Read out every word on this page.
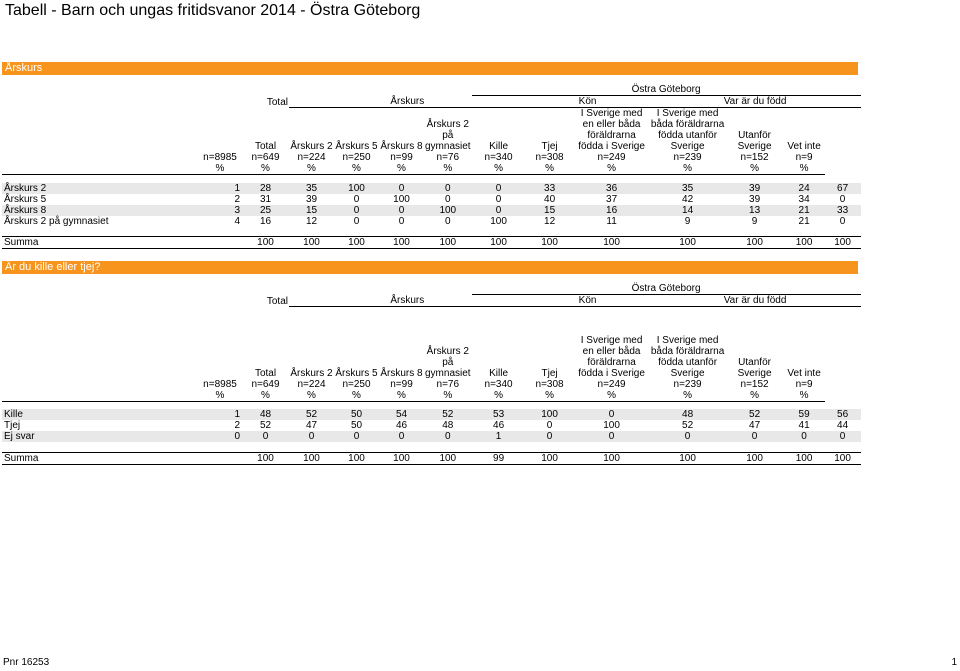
Tabell - Barn och ungas fritidsvanor 2014 - Östra Göteborg
Årskurs
							Östra Göteborg						
	Total		Årskurs					Kön		Var är du född			
		Total	Årskurs 2	Årskurs 5	Årskurs 8	Årskurs 2 på gymnasiet	Kille	Tjej	I Sverige med en eller båda föräldrarna födda i Sverige	I Sverige med båda föräldrarna födda utanför Sverige	Utanför Sverige	Vet inte	
	n=8985	n=649	n=224	n=250	n=99	n=76	n=340	n=308	n=249	n=239	n=152	n=9	
	%	%	%	%	%	%	%	%	%	%	%	%	

Årskurs 2	1	28	35	100	0	0	0	33	36	35	39	24	67
Årskurs 5	2	31	39	0	100	0	0	40	37	42	39	34	0
Årskurs 8	3	25	15	0	0	100	0	15	16	14	13	21	33
Årskurs 2 på gymnasiet	4	16	12	0	0	0	100	12	11	9	9	21	0

Summa		100	100	100	100	100	100	100	100	100	100	100	100
Är du kille eller tjej?
							Östra Göteborg						
	Total		Årskurs					Kön		Var är du född			

		Total	Årskurs 2	Årskurs 5	Årskurs 8	Årskurs 2 på gymnasiet	Kille	Tjej	I Sverige med en eller båda föräldrarna födda i Sverige	I Sverige med båda föräldrarna födda utanför Sverige	Utanför Sverige	Vet inte	
	n=8985	n=649	n=224	n=250	n=99	n=76	n=340	n=308	n=249	n=239	n=152	n=9	
	%	%	%	%	%	%	%	%	%	%	%	%	

Kille	1	48	52	50	54	52	53	100	0	48	52	59	56
Tjej	2	52	47	50	46	48	46	0	100	52	47	41	44
Ej svar	0	0	0	0	0	0	1	0	0	0	0	0	0

Summa		100	100	100	100	100	99	100	100	100	100	100	100
Pnr 16253	1
